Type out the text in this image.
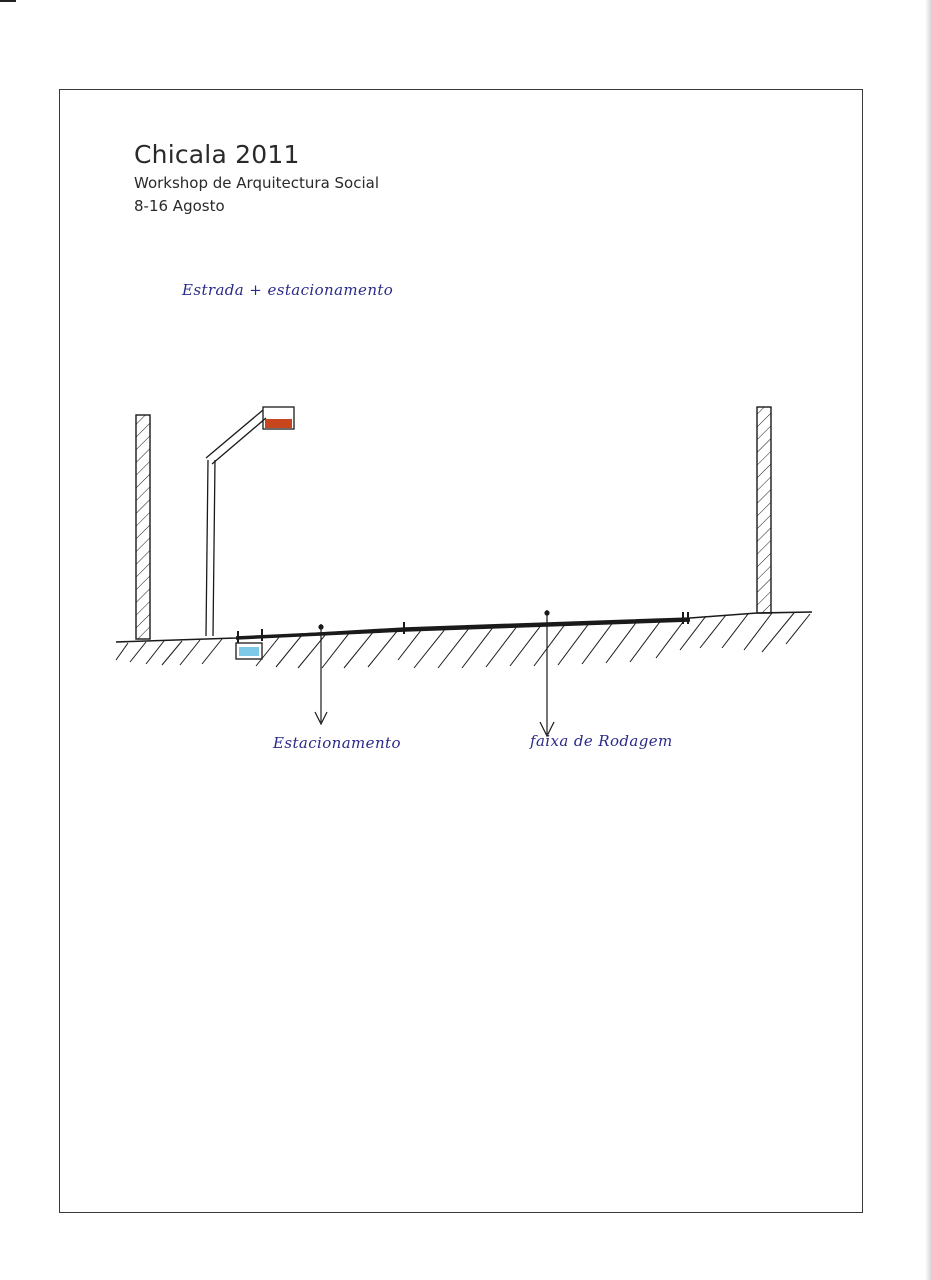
Chicala 2011
Workshop de Arquitectura Social
8-16 Agosto
Estrada + estacionamento
Estacionamento	faixa de Rodagem
